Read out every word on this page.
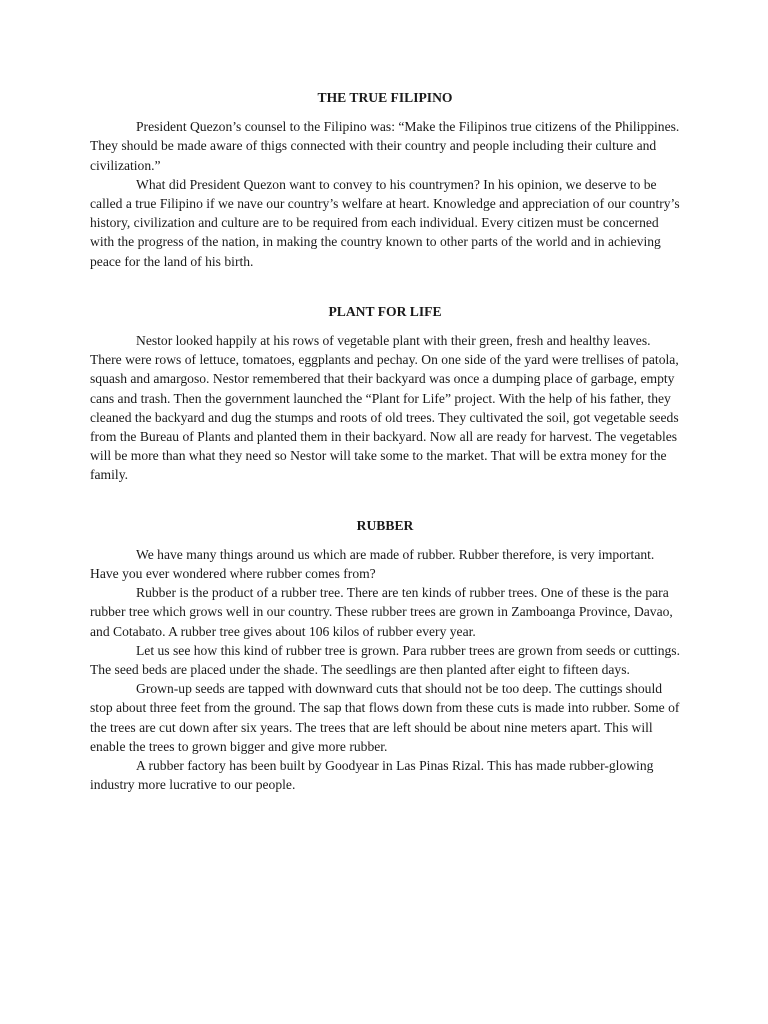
THE TRUE FILIPINO

President Quezon’s counsel to the Filipino was: “Make the Filipinos true citizens of the Philippines. They should be made aware of thigs connected with their country and people including their culture and civilization.”

What did President Quezon want to convey to his countrymen? In his opinion, we deserve to be called a true Filipino if we nave our country’s welfare at heart. Knowledge and appreciation of our country’s history, civilization and culture are to be required from each individual. Every citizen must be concerned with the progress of the nation, in making the country known to other parts of the world and in achieving peace for the land of his birth.

PLANT FOR LIFE

Nestor looked happily at his rows of vegetable plant with their green, fresh and healthy leaves. There were rows of lettuce, tomatoes, eggplants and pechay. On one side of the yard were trellises of patola, squash and amargoso. Nestor remembered that their backyard was once a dumping place of garbage, empty cans and trash. Then the government launched the “Plant for Life” project. With the help of his father, they cleaned the backyard and dug the stumps and roots of old trees. They cultivated the soil, got vegetable seeds from the Bureau of Plants and planted them in their backyard. Now all are ready for harvest. The vegetables will be more than what they need so Nestor will take some to the market. That will be extra money for the family.

RUBBER

We have many things around us which are made of rubber. Rubber therefore, is very important. Have you ever wondered where rubber comes from?

Rubber is the product of a rubber tree. There are ten kinds of rubber trees. One of these is the para rubber tree which grows well in our country. These rubber trees are grown in Zamboanga Province, Davao, and Cotabato. A rubber tree gives about 106 kilos of rubber every year.

Let us see how this kind of rubber tree is grown. Para rubber trees are grown from seeds or cuttings. The seed beds are placed under the shade. The seedlings are then planted after eight to fifteen days.

Grown-up seeds are tapped with downward cuts that should not be too deep. The cuttings should stop about three feet from the ground. The sap that flows down from these cuts is made into rubber. Some of the trees are cut down after six years. The trees that are left should be about nine meters apart. This will enable the trees to grown bigger and give more rubber.

A rubber factory has been built by Goodyear in Las Pinas Rizal. This has made rubber-glowing industry more lucrative to our people.
